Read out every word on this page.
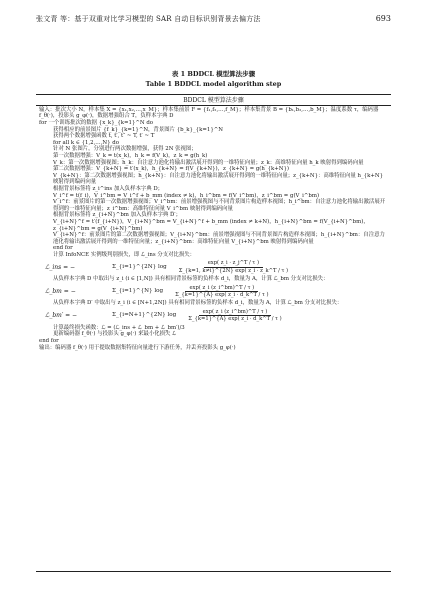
张文青 等：基于双重对比学习模型的 SAR 自动目标识别背景去偏方法	693
表 1 BDDCL 模型算法步骤
Table 1 BDDCL model algorithm step
BDDCL 模型算法步骤
输入：批次大小 N，样本集 X = {x₁,x₂,…,x_M}；样本集前景 F = {f₁,f₂,…,f_M}；样本集背景 B = {b₁,b₂,…,b_M}；温度系数 τ，编码器 f_θ(·)，投影头 g_φ(·)，数据增强组合 T，负样本字典 D
for 一个训练批次的数据 {x_k}_{k=1}^N do
获得相应的前景图片 {f_k}_{k=1}^N，背景图片 {b_k}_{k=1}^N
获得两个数据增强函数 t, t′, t″ ~ T, t′ ~ T
for all k ∈ {1,2,…,N} do
针对 N 张图片，分别进行两次数据增强，获得 2N 张视图；
第一次数据增强：V_k = t(x_k)，h_k = f(V_k)，z_k = g(h_k)
V_k：第一次数据增强视图；h_k：自注意力池化将输出激活展开得到的一维特征向量；z_k：高维特征向量 h_k 映射得到编码向量
第二次数据增强：V_{k+N} = t′(x_k)，h_{k+N} = f(V_{k+N})，z_{k+N} = g(h_{k+N})
V_{k+N}：第二次数据增强视图；h_{k+N}：自注意力池化将输出激活展开得到的一维特征向量；z_{k+N}：高维特征向量 h_{k+N} 映射得到编码向量
根据背景标签将 z_i^ins 加入负样本字典 D；
V_i^f = t(f_i)，V_i^bm = V_i^f + b_mm (index ≠ k)，h_i^bm = f(V_i^bm)，z_i^bm = g(V_i^bm)
V_i^f：前景图片的第一次数据增强视图；V_i^bm：前景增强视图与不同背景图片构造样本视图；h_i^bm：自注意力池化将输出激活展开得到的一维特征向量；z_i^bm：高维特征向量 V_i^bm 映射得到编码向量
根据背景标签将 z_{i+N}^bm 加入负样本字典 D′；
V_{i+N}^f = t′(f_{i+N})，V_{i+N}^bm = V_{i+N}^f + b_mm (index ≠ k+N)，h_{i+N}^bm = f(V_{i+N}^bm)，z_{i+N}^bm = g(V_{i+N}^bm)
V_{i+N}^f：前景图片的第二次数据增强视图；V_{i+N}^bm：前景增强视图与不同背景图片构造样本视图；h_{i+N}^bm：自注意力池化将输出激活展开得到的一维特征向量；z_{i+N}^bm：高维特征向量 V_{i+N}^bm 映射得到编码向量
end for
计算 InfoNCE 实例级判别损失，即 ℒ_ins 分支对比损失：
ℒ_ins = −	Σ_{i=1}^{2N} $\log \frac{\exp( z\_i \cdot z\_j\^{}T / \tau )}{\Sigma\_\{k=1, k\ne i\}\^{}\{2N\} \exp( z\_i \cdot z\_k\^{}T / \tau )}$
从负样本字典 D 中取出与 z_i (i ∈ [1,N]) 具有相同背景标签的负样本 d_i，数量为 A，计算 ℒ_bm 分支对比损失：
ℒ_bm = −	Σ_{i=1}^{N} $\log \frac{\exp( z\_i (z\_i\^{}bm)\^{}T / \tau )}{\Sigma\_\{k=1\}\^{}\{A\} \exp( z\_i \cdot d\_k\^{}T / \tau )}$
从负样本字典 D′ 中取出与 z_i (i ∈ [N+1,2N]) 具有相同背景标签的负样本 d_i，数量为 A，计算 ℒ_bm 分支对比损失：
ℒ_bm′ = −	Σ_{i=N+1}^{2N} $\log \frac{\exp( z\_i (z\_i\^{}bm)\^{}T / \tau )}{\Sigma\_\{k=1\}\^{}\{A\} \exp( z\_i \cdot d\_k\^{}T / \tau )}$
计算最终损失函数：ℒ = (ℒ_ins + ℒ_bm + ℒ_bm′)/3
更新编码器 f_θ(·) 与投影头 g_φ(·) 来最小化损失 ℒ
end for
输出：编码器 f_θ(·) 用于提取数据集特征向量进行下游任务，并丢弃投影头 g_φ(·)
